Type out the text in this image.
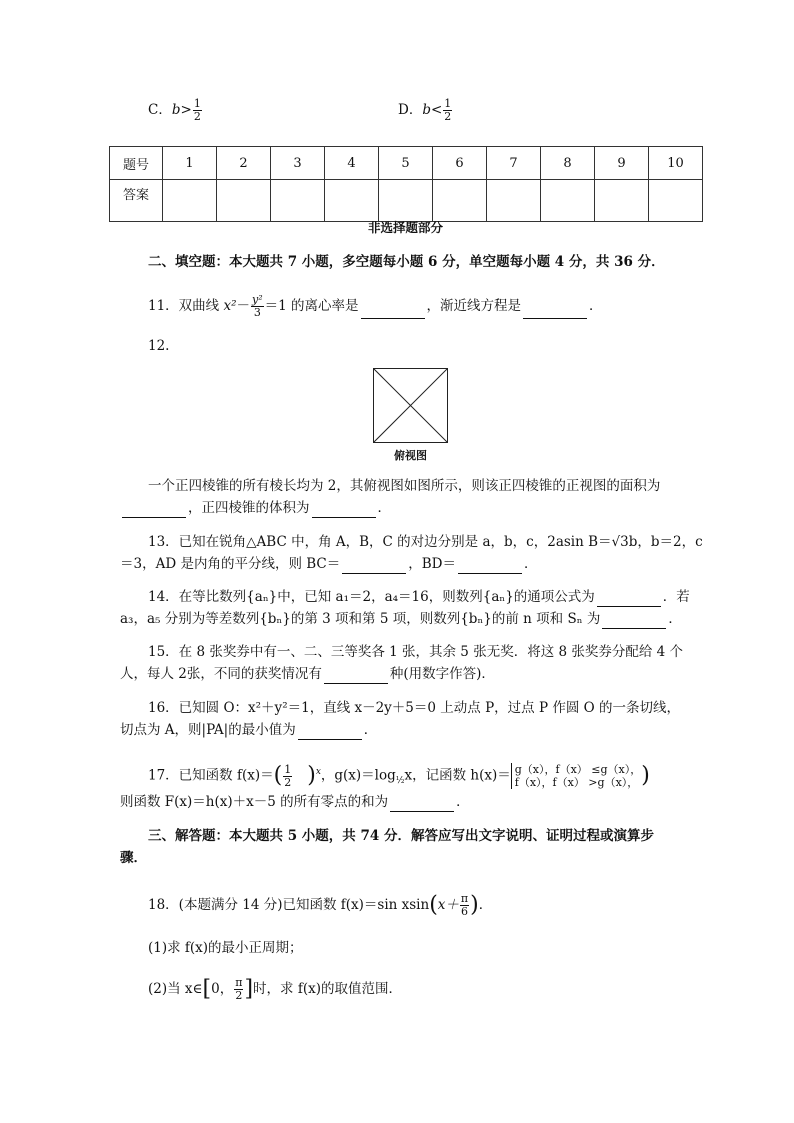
C．$b> \frac{1}{2}$	D．$b< \frac{1}{2}$
题号	1	2	3	4	5	6	7	8	9	10
答案										
非选择题部分
二、填空题：本大题共 7 小题，多空题每小题 6 分，单空题每小题 4 分，共 36 分．
11．双曲线 $x^2- \frac{\text{y²}}{3} =1$ 的离心率是	，渐近线方程是	．
12.
俯视图
一个正四棱锥的所有棱长均为 2，其俯视图如图所示，则该正四棱锥的正视图的面积为
，正四棱锥的体积为	．
13．已知在锐角△ABC 中，角 A，B，C 的对边分别是 a，b，c，2asin B＝√3b，b＝2，c
＝3，AD 是内角的平分线，则 BC＝	，BD＝	．
14．在等比数列{aₙ}中，已知 a₁＝2，a₄＝16，则数列{aₙ}的通项公式为	．若
a₃，a₅ 分别为等差数列{bₙ}的第 3 项和第 5 项，则数列{bₙ}的前 n 项和 Sₙ 为	．
15．在 8 张奖券中有一、二、三等奖各 1 张，其余 5 张无奖．将这 8 张奖券分配给 4 个
人，每人 2张，不同的获奖情况有	种(用数字作答)．
16．已知圆 O：x²＋y²＝1，直线 x－2y＋5＝0 上动点 P，过点 P 作圆 O 的一条切线，
切点为 A，则|PA|的最小值为	．
17．已知函数 $f(x)=( \frac{1}{2} )^x$，$g(x)=\log_{\frac{1}{2}}x$，记函数 h(x)＝ g（x），f（x） ≤g（x），
f（x），f（x） >g（x）， )
则函数 F(x)＝h(x)＋x－5 的所有零点的和为	．
三、解答题：本大题共 5 小题，共 74 分．解答应写出文字说明、证明过程或演算步
骤．
18．(本题满分 14 分)已知函数 f(x)＝sin $xsin(x+ \frac{\pi}{6}$ )．
(1)求 f(x)的最小正周期；
(2)当 x∈[0， $\frac{\pi}{2}$ ]时，求 f(x)的取值范围．
